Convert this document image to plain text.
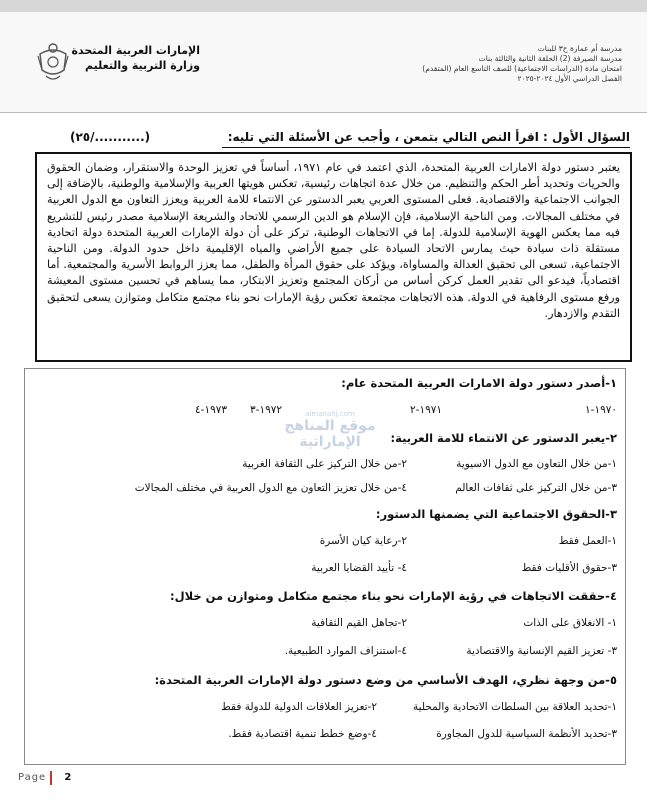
مدرسة أم عمارة ح٣ للبنات
مدرسة الصيرفة (2) الحلقة الثانية والثالثة بنات
امتحان مادة (الدراسات الاجتماعية) للصف التاسع العام (المتقدم)
الفصل الدراسي الأول ٢٠٢٤-٢٠٢٥
الإمارات العربية المتحدة
وزارة التربية والتعليم
السؤال الأول : اقرأ النص التالي بتمعن ، وأجب عن الأسئلة التي تليه:
(.........../٢٥)
يعتبر دستور دولة الامارات العربية المتحدة، الذي اعتمد في عام ١٩٧١، أساساً في تعزيز الوحدة والاستقرار، وضمان الحقوق والحريات وتحديد أطر الحكم والتنظيم. من خلال عدة اتجاهات رئيسية، تعكس هويتها العربية والإسلامية والوطنية، بالإضافة إلى الجوانب الاجتماعية والاقتصادية. فعلى المستوى العربي يعبر الدستور عن الانتماء للامة العربية ويعزز التعاون مع الدول العربية في مختلف المجالات. ومن الناحية الإسلامية، فإن الإسلام هو الدين الرسمي للاتحاد والشريعة الإسلامية مصدر رئيس للتشريع فيه مما يعكس الهوية الإسلامية للدولة. إما في الاتجاهات الوطنية، تركز على أن دولة الإمارات العربية المتحدة دولة اتحادية مستقلة ذات سيادة حيث يمارس الاتحاد السيادة على جميع الأراضي والمياه الإقليمية داخل حدود الدولة. ومن الناحية الاجتماعية، تسعى الى تحقيق العدالة والمساواة، ويؤكد على حقوق المرأة والطفل، مما يعزز الروابط الأسرية والمجتمعية. أما اقتصادياً، فيدعو الى تقدير العمل كركن أساس من أركان المجتمع وتعزيز الابتكار، مما يساهم في تحسين مستوى المعيشة ورفع مستوى الرفاهية في الدولة. هذه الاتجاهات مجتمعة تعكس رؤية الإمارات نحو بناء مجتمع متكامل ومتوازن يسعى لتحقيق التقدم والازدهار.
almanahj.com
موقع المناهج الإماراتية
١-أصدر دستور دولة الامارات العربية المتحدة عام:
١٩٧٠-١
١٩٧١-٢
١٩٧٢-٣
١٩٧٣-٤
٢-يعبر الدستور عن الانتماء للامة العربية:
١-من خلال التعاون مع الدول الاسيوية
٢-من خلال التركيز على الثقافة الغربية
٣-من خلال التركيز على ثقافات العالم
٤-من خلال تعزيز التعاون مع الدول العربية في مختلف المجالات
٣-الحقوق الاجتماعية التي يضمنها الدستور:
١-العمل فقط
٢-رعاية كيان الأسرة
٣-حقوق الأقليات فقط
٤- تأييد القضايا العربية
٤-حققت الاتجاهات في رؤية الإمارات نحو بناء مجتمع متكامل ومتوازن من خلال:
١- الانغلاق على الذات
٢-تجاهل القيم الثقافية
٣- تعزيز القيم الإنسانية والاقتصادية
٤-استنزاف الموارد الطبيعية.
٥-من وجهة نظري، الهدف الأساسي من وضع دستور دولة الإمارات العربية المتحدة:
١-تحديد العلاقة بين السلطات الاتحادية والمحلية
٢-تعزيز العلاقات الدولية للدولة فقط
٣-تحديد الأنظمة السياسية للدول المجاورة
٤-وضع خطط تنمية اقتصادية فقط.
Page 2
